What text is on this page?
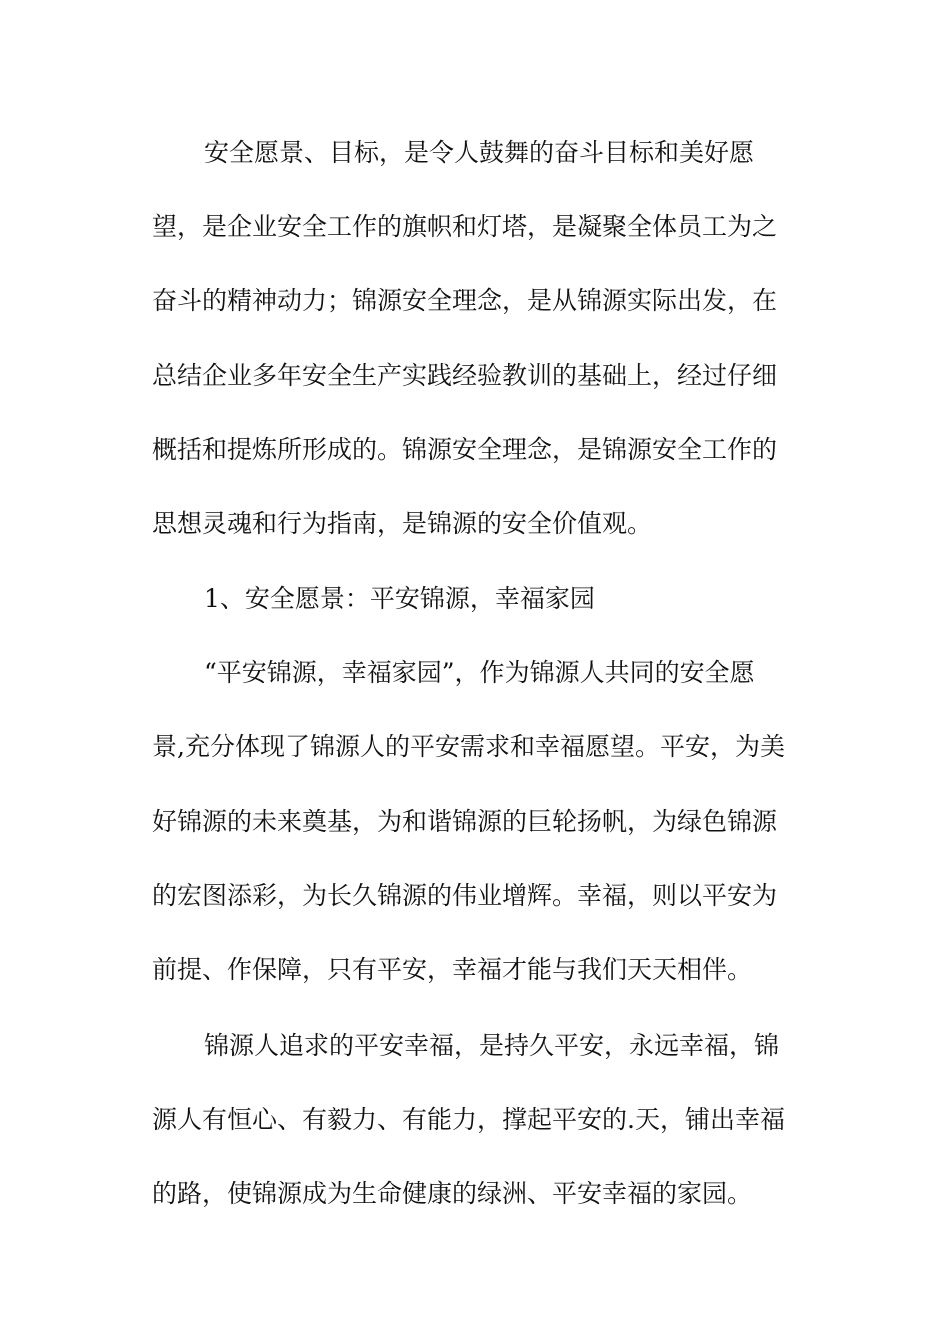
安全愿景、目标，是令人鼓舞的奋斗目标和美好愿
望，是企业安全工作的旗帜和灯塔，是凝聚全体员工为之
奋斗的精神动力；锦源安全理念，是从锦源实际出发，在
总结企业多年安全生产实践经验教训的基础上，经过仔细
概括和提炼所形成的。锦源安全理念，是锦源安全工作的
思想灵魂和行为指南，是锦源的安全价值观。
1、安全愿景：平安锦源，幸福家园
“平安锦源，幸福家园”，作为锦源人共同的安全愿
景,充分体现了锦源人的平安需求和幸福愿望。平安，为美
好锦源的未来奠基，为和谐锦源的巨轮扬帆，为绿色锦源
的宏图添彩，为长久锦源的伟业增辉。幸福，则以平安为
前提、作保障，只有平安，幸福才能与我们天天相伴。
锦源人追求的平安幸福，是持久平安，永远幸福，锦
源人有恒心、有毅力、有能力，撑起平安的.天，铺出幸福
的路，使锦源成为生命健康的绿洲、平安幸福的家园。
